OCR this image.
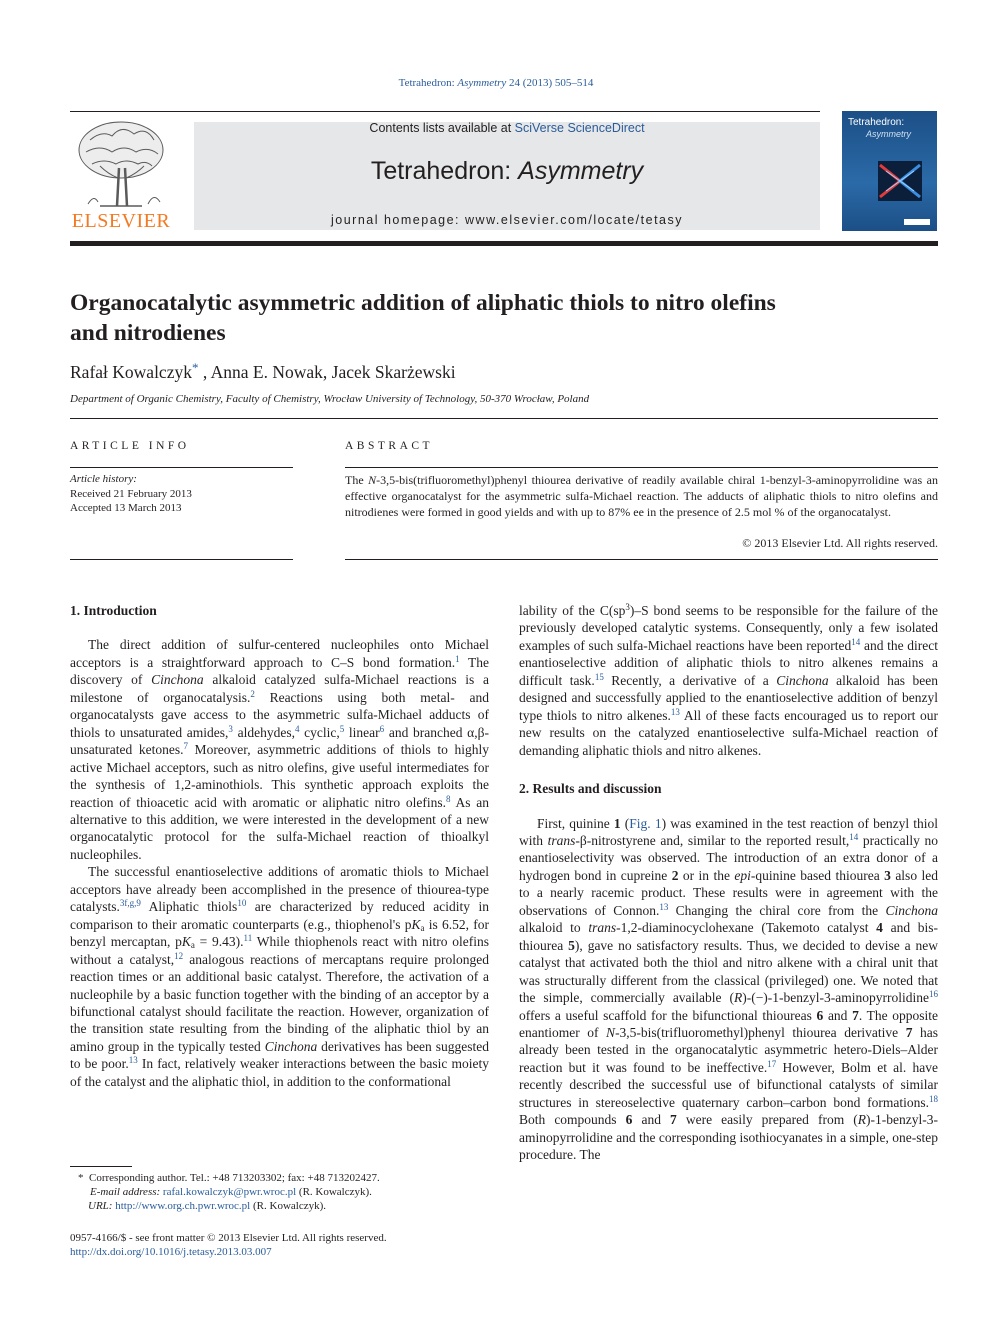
Tetrahedron: Asymmetry 24 (2013) 505–514
ELSEVIER
Contents lists available at SciVerse ScienceDirect
Tetrahedron: Asymmetry
journal homepage: www.elsevier.com/locate/tetasy
Tetrahedron:
Asymmetry
Organocatalytic asymmetric addition of aliphatic thiols to nitro olefins
and nitrodienes
Rafał Kowalczyk* , Anna E. Nowak, Jacek Skarżewski
Department of Organic Chemistry, Faculty of Chemistry, Wrocław University of Technology, 50-370 Wrocław, Poland
ARTICLE INFO
Article history:
Received 21 February 2013
Accepted 13 March 2013
ABSTRACT
The N-3,5-bis(trifluoromethyl)phenyl thiourea derivative of readily available chiral 1-benzyl-3-aminopyrrolidine was an effective organocatalyst for the asymmetric sulfa-Michael reaction. The adducts of aliphatic thiols to nitro olefins and nitrodienes were formed in good yields and with up to 87% ee in the presence of 2.5 mol % of the organocatalyst.
© 2013 Elsevier Ltd. All rights reserved.
1. Introduction

The direct addition of sulfur-centered nucleophiles onto Michael acceptors is a straightforward approach to C–S bond formation.$^1$ The discovery of Cinchona alkaloid catalyzed sulfa-Michael reactions is a milestone of organocatalysis.$^2$ Reactions using both metal- and organocatalysts gave access to the asymmetric sulfa-Michael adducts of thiols to unsaturated amides,$^3$ aldehydes,$^4$ cyclic,$^5$ linear$^6$ and branched α,β-unsaturated ketones.$^7$ Moreover, asymmetric additions of thiols to highly active Michael acceptors, such as nitro olefins, give useful intermediates for the synthesis of 1,2-aminothiols. This synthetic approach exploits the reaction of thioacetic acid with aromatic or aliphatic nitro olefins.$^8$ As an alternative to this addition, we were interested in the development of a new organocatalytic protocol for the sulfa-Michael reaction of thioalkyl nucleophiles.

The successful enantioselective additions of aromatic thiols to Michael acceptors have already been accomplished in the presence of thiourea-type catalysts.$^{3f,g,9}$ Aliphatic thiols$^{10}$ are characterized by reduced acidity in comparison to their aromatic counterparts (e.g., thiophenol's $pK_a$ is 6.52, for benzyl mercaptan, $pK_a = 9.43).^{11}$ While thiophenols react with nitro olefins without a catalyst,$^{12}$ analogous reactions of mercaptans require prolonged reaction times or an additional basic catalyst. Therefore, the activation of a nucleophile by a basic function together with the binding of an acceptor by a bifunctional catalyst should facilitate the reaction. However, organization of the transition state resulting from the binding of the aliphatic thiol by an amino group in the typically tested Cinchona derivatives has been suggested to be poor.$^{13}$ In fact, relatively weaker interactions between the basic moiety of the catalyst and the aliphatic thiol, in addition to the conformational

* Corresponding author. Tel.: +48 713203302; fax: +48 713202427.
E-mail address: rafal.kowalczyk@pwr.wroc.pl (R. Kowalczyk).
URL: http://www.org.ch.pwr.wroc.pl (R. Kowalczyk).
0957-4166/$ - see front matter © 2013 Elsevier Ltd. All rights reserved.
http://dx.doi.org/10.1016/j.tetasy.2013.03.007

lability of the $C(sp^3)-S$ bond seems to be responsible for the failure of the previously developed catalytic systems. Consequently, only a few isolated examples of such sulfa-Michael reactions have been reported$^{14}$ and the direct enantioselective addition of aliphatic thiols to nitro alkenes remains a difficult task.$^{15}$ Recently, a derivative of a Cinchona alkaloid has been designed and successfully applied to the enantioselective addition of benzyl type thiols to nitro alkenes.$^{13}$ All of these facts encouraged us to report our new results on the catalyzed enantioselective sulfa-Michael reaction of demanding aliphatic thiols and nitro alkenes.

2. Results and discussion

First, quinine 1 (Fig. 1) was examined in the test reaction of benzyl thiol with trans-β-nitrostyrene and, similar to the reported result,$^{14}$ practically no enantioselectivity was observed. The introduction of an extra donor of a hydrogen bond in cupreine 2 or in the epi-quinine based thiourea 3 also led to a nearly racemic product. These results were in agreement with the observations of Connon.$^{13}$ Changing the chiral core from the Cinchona alkaloid to trans-1,2-diaminocyclohexane (Takemoto catalyst 4 and bis-thiourea 5), gave no satisfactory results. Thus, we decided to devise a new catalyst that activated both the thiol and nitro alkene with a chiral unit that was structurally different from the classical (privileged) one. We noted that the simple, commercially available (R)-(−)-1-benzyl-3-aminopyrrolidine$^{16}$ offers a useful scaffold for the bifunctional thioureas 6 and 7. The opposite enantiomer of N-3,5-bis(trifluoromethyl)phenyl thiourea derivative 7 has already been tested in the organocatalytic asymmetric hetero-Diels–Alder reaction but it was found to be ineffective.$^{17}$ However, Bolm et al. have recently described the successful use of bifunctional catalysts of similar structures in stereoselective quaternary carbon–carbon bond formations.$^{18}$ Both compounds 6 and 7 were easily prepared from (R)-1-benzyl-3-aminopyrrolidine and the corresponding isothiocyanates in a simple, one-step procedure. The
